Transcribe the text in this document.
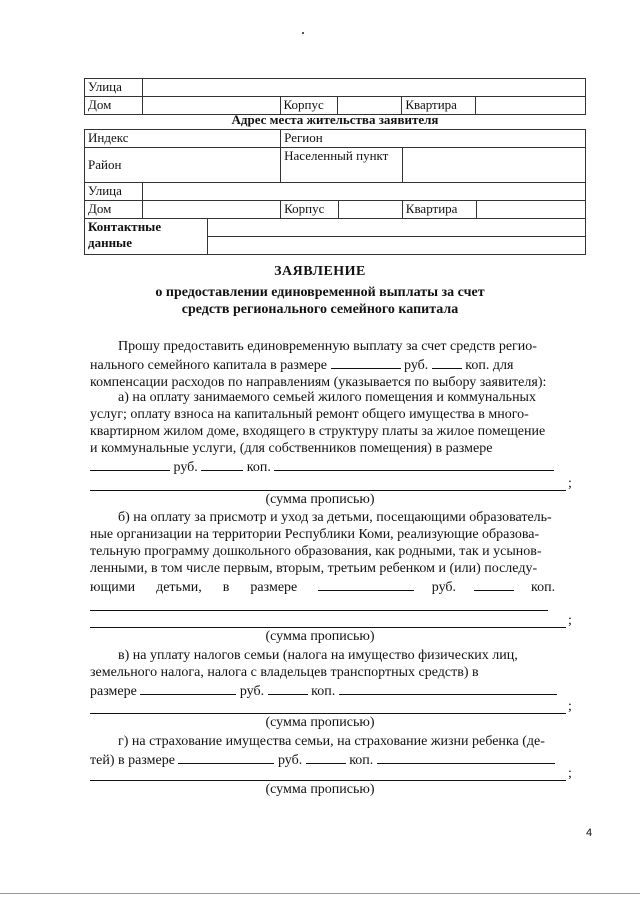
Улица					
Дом		Корпус		Квартира	
Адрес места жительства заявителя
Индекс			Регион			
Район			Населенный пункт			
Улица						
Дом			Корпус		Квартира	
Контактные данные						

ЗАЯВЛЕНИЕ
о предоставлении единовременной выплаты за счет
средств регионального семейного капитала
Прошу предоставить единовременную выплату за счет средств регио-
нального семейного капитала в размере	руб.	коп. для
компенсации расходов по направлениям (указывается по выбору заявителя):
а) на оплату занимаемого семьей жилого помещения и коммунальных
услуг; оплату взноса на капитальный ремонт общего имущества в много-
квартирном жилом доме, входящего в структуру платы за жилое помещение
и коммунальные услуги, (для собственников помещения) в размере
руб.	коп.
;
(сумма прописью)
б) на оплату за присмотр и уход за детьми, посещающими образователь-
ные организации на территории Республики Коми, реализующие образова-
тельную программу дошкольного образования, как родными, так и усынов-
ленными, в том числе первым, вторым, третьим ребенком и (или) последу-
ющими детьми, в размере	руб.	коп.
;
(сумма прописью)
в) на уплату налогов семьи (налога на имущество физических лиц,
земельного налога, налога с владельцев транспортных средств) в
размере	руб.	коп.
;
(сумма прописью)
г) на страхование имущества семьи, на страхование жизни ребенка (де-
тей) в размере	руб.	коп.
;
(сумма прописью)
4
